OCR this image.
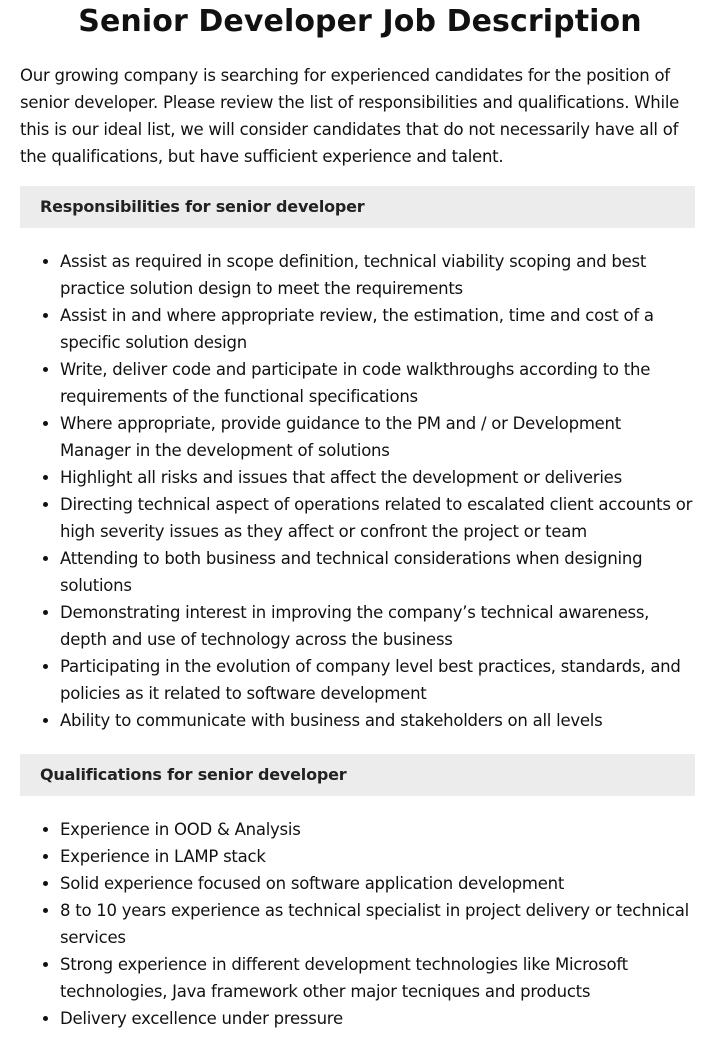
Senior Developer Job Description

Our growing company is searching for experienced candidates for the position of senior developer. Please review the list of responsibilities and qualifications. While this is our ideal list, we will consider candidates that do not necessarily have all of the qualifications, but have sufficient experience and talent.

Responsibilities for senior developer
• Assist as required in scope definition, technical viability scoping and best practice solution design to meet the requirements
• Assist in and where appropriate review, the estimation, time and cost of a specific solution design
• Write, deliver code and participate in code walkthroughs according to the requirements of the functional specifications
• Where appropriate, provide guidance to the PM and / or Development Manager in the development of solutions
• Highlight all risks and issues that affect the development or deliveries
• Directing technical aspect of operations related to escalated client accounts or high severity issues as they affect or confront the project or team
• Attending to both business and technical considerations when designing solutions
• Demonstrating interest in improving the company’s technical awareness, depth and use of technology across the business
• Participating in the evolution of company level best practices, standards, and policies as it related to software development
• Ability to communicate with business and stakeholders on all levels
Qualifications for senior developer
• Experience in OOD & Analysis
• Experience in LAMP stack
• Solid experience focused on software application development
• 8 to 10 years experience as technical specialist in project delivery or technical services
• Strong experience in different development technologies like Microsoft technologies, Java framework other major tecniques and products
• Delivery excellence under pressure
